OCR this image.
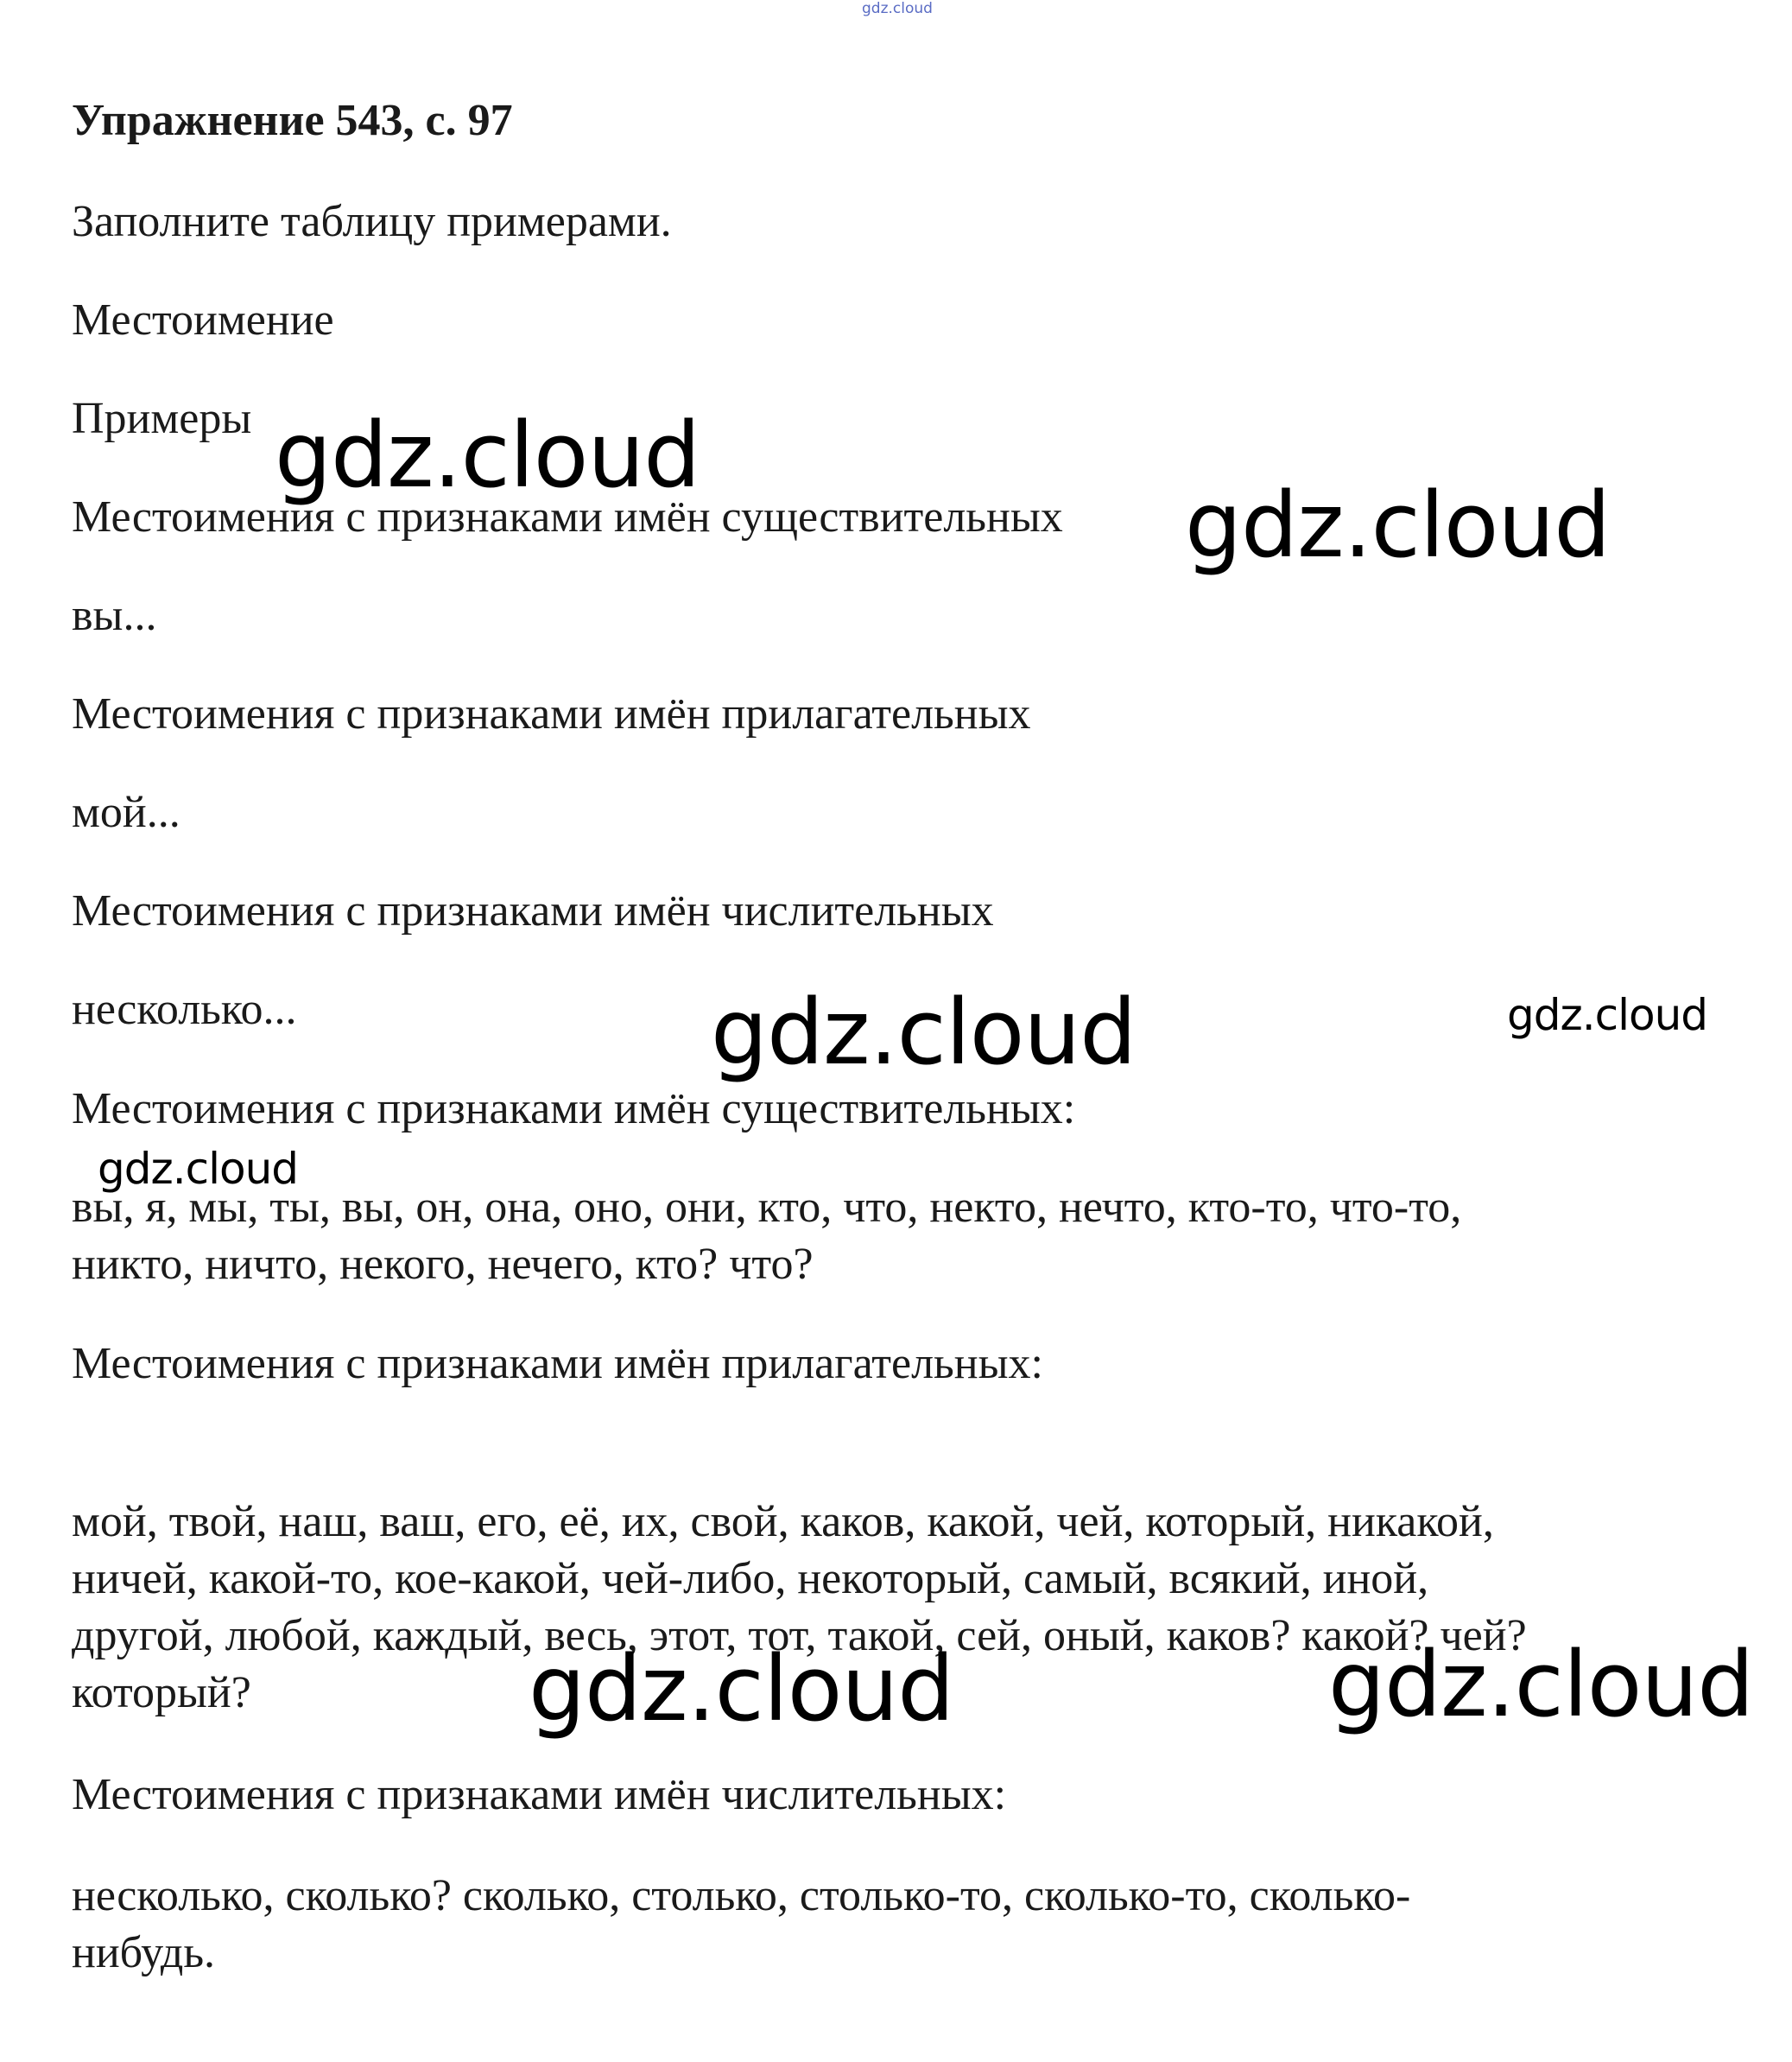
gdz.cloud

Упражнение 543, с. 97

Заполните таблицу примерами.

Местоимение

Примеры

Местоимения с признаками имён существительных

вы...

Местоимения с признаками имён прилагательных

мой...

Местоимения с признаками имён числительных

несколько...

Местоимения с признаками имён существительных:

вы, я, мы, ты, вы, он, она, оно, они, кто, что, некто, нечто, кто-то, что-то,

никто, ничто, некого, нечего, кто? что?

Местоимения с признаками имён прилагательных:

мой, твой, наш, ваш, его, её, их, свой, каков, какой, чей, который, никакой,

ничей, какой-то, кое-какой, чей-либо, некоторый, самый, всякий, иной,

другой, любой, каждый, весь, этот, тот, такой, сей, оный, каков? какой? чей?

который?

Местоимения с признаками имён числительных:

несколько, сколько? сколько, столько, столько-то, сколько-то, сколько-

нибудь.

gdz.cloud
gdz.cloud
gdz.cloud	gdz.cloud
gdz.cloud
gdz.cloud	gdz.cloud
